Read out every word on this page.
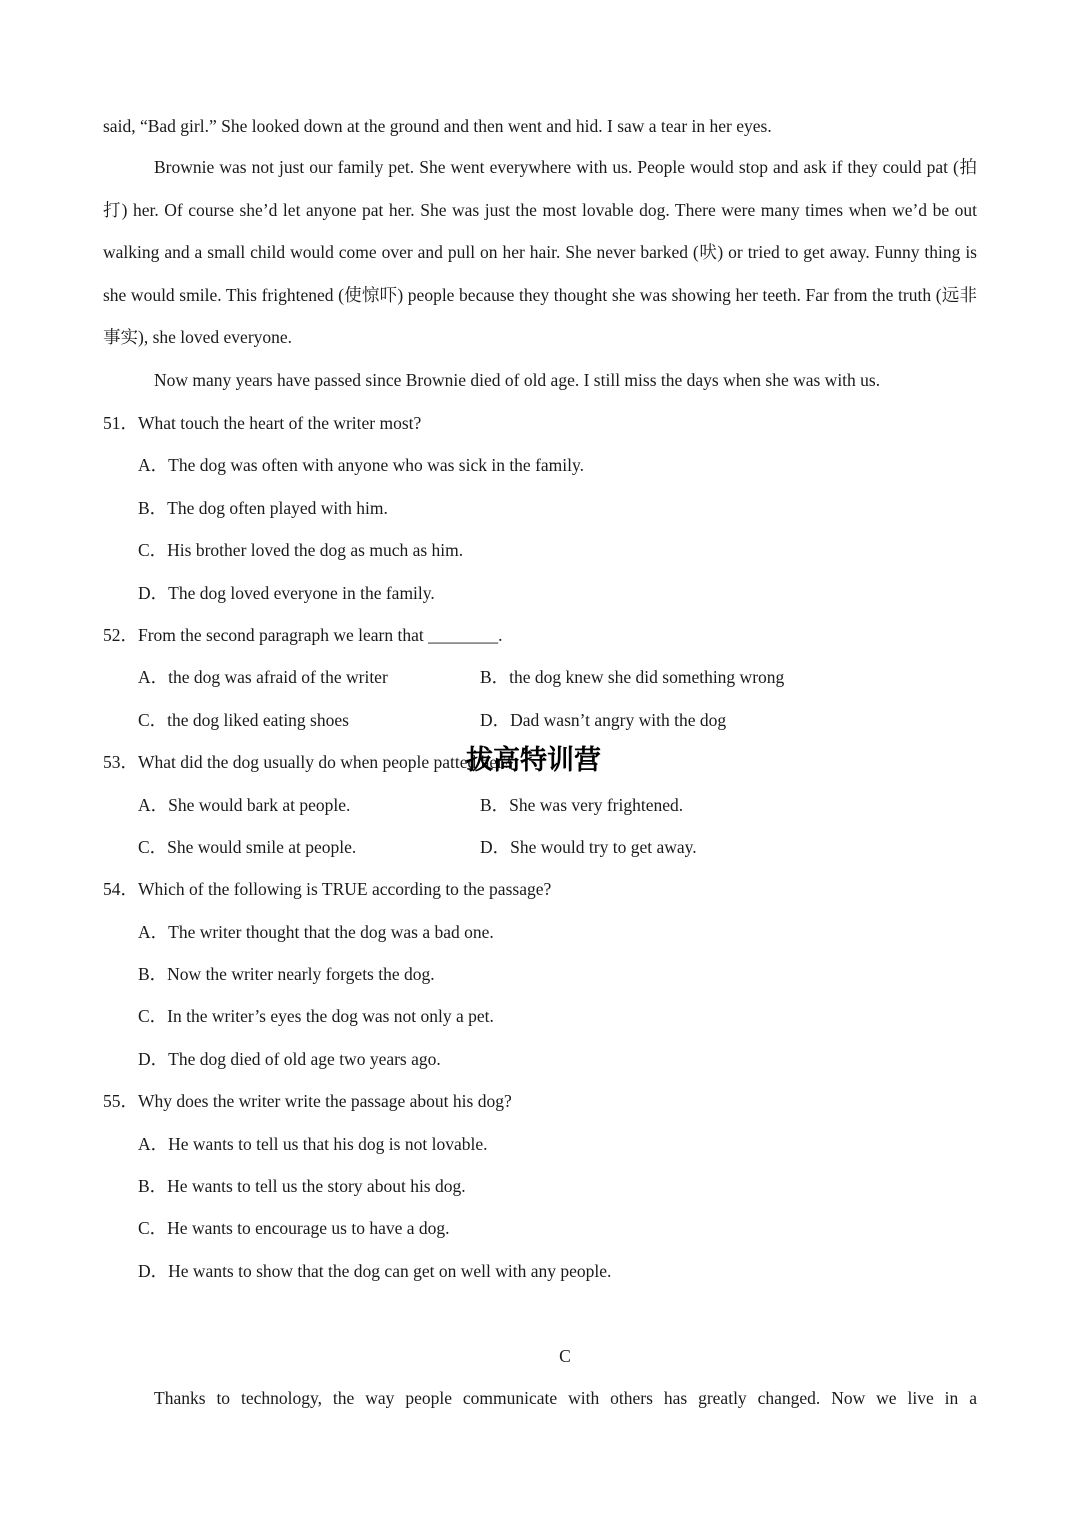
said, “Bad girl.” She looked down at the ground and then went and hid. I saw a tear in her eyes.

Brownie was not just our family pet. She went everywhere with us. People would stop and ask if they could pat (拍打) her. Of course she’d let anyone pat her. She was just the most lovable dog. There were many times when we’d be out walking and a small child would come over and pull on her hair. She never barked (吠) or tried to get away. Funny thing is she would smile. This frightened (使惊吓) people because they thought she was showing her teeth. Far from the truth (远非事实), she loved everyone.

Now many years have passed since Brownie died of old age. I still miss the days when she was with us.
51．What touch the heart of the writer most?
A．The dog was often with anyone who was sick in the family.
B．The dog often played with him.
C．His brother loved the dog as much as him.
D．The dog loved everyone in the family.
52．From the second paragraph we learn that ________.
A．the dog was afraid of the writer	B．the dog knew she did something wrong
C．the dog liked eating shoes	D．Dad wasn’t angry with the dog
53．What did the dog usually do when people patted her?
A．She would bark at people.	B．She was very frightened.
C．She would smile at people.	D．She would try to get away.
54．Which of the following is TRUE according to the passage?
A．The writer thought that the dog was a bad one.
B．Now the writer nearly forgets the dog.
C．In the writer’s eyes the dog was not only a pet.
D．The dog died of old age two years ago.
55．Why does the writer write the passage about his dog?
A．He wants to tell us that his dog is not lovable.
B．He wants to tell us the story about his dog.
C．He wants to encourage us to have a dog.
D．He wants to show that the dog can get on well with any people.
C
Thanks to technology, the way people communicate with others has greatly changed. Now we live in a
拔高特训营
